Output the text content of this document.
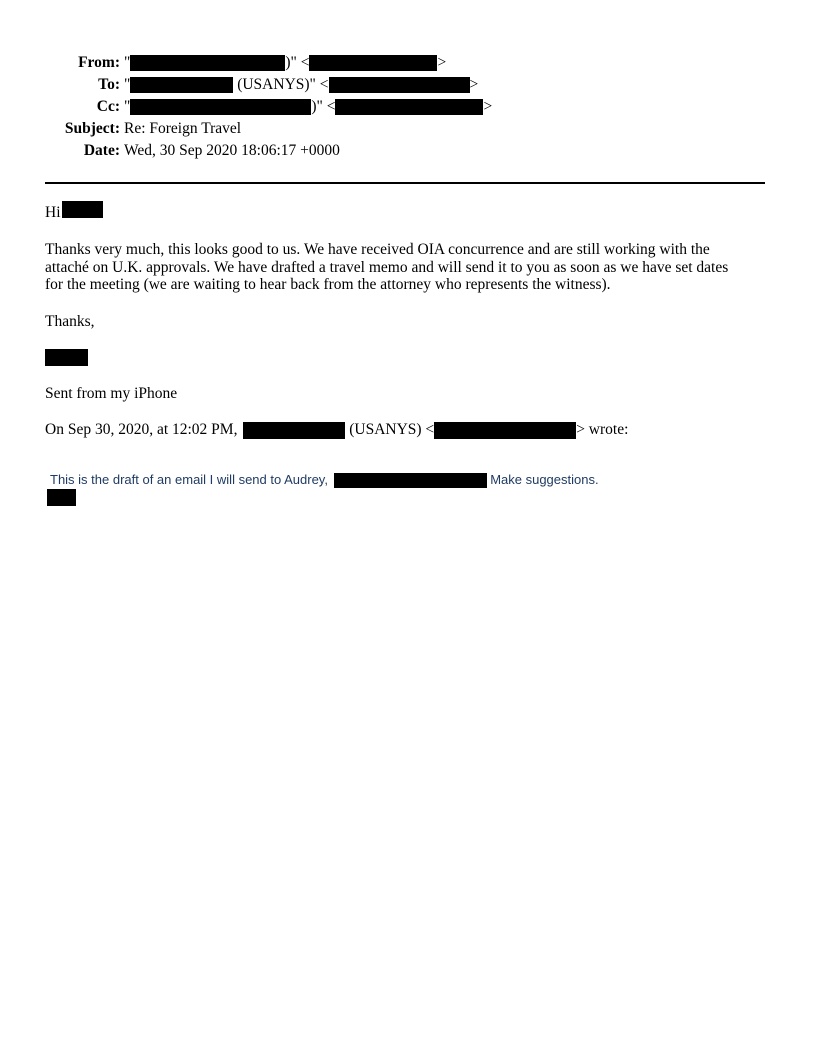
From: "	)" <	>
To: "	(USANYS)" <	>
Cc: "	)" <	>
Subject: Re: Foreign Travel
Date: Wed, 30 Sep 2020 18:06:17 +0000
Hi
Thanks very much, this looks good to us. We have received OIA concurrence and are still working with the
attaché on U.K. approvals. We have drafted a travel memo and will send it to you as soon as we have set dates
for the meeting (we are waiting to hear back from the attorney who represents the witness).
Thanks,
Sent from my iPhone
On Sep 30, 2020, at 12:02 PM,	(USANYS) <	> wrote:
This is the draft of an email I will send to Audrey,	Make suggestions.
